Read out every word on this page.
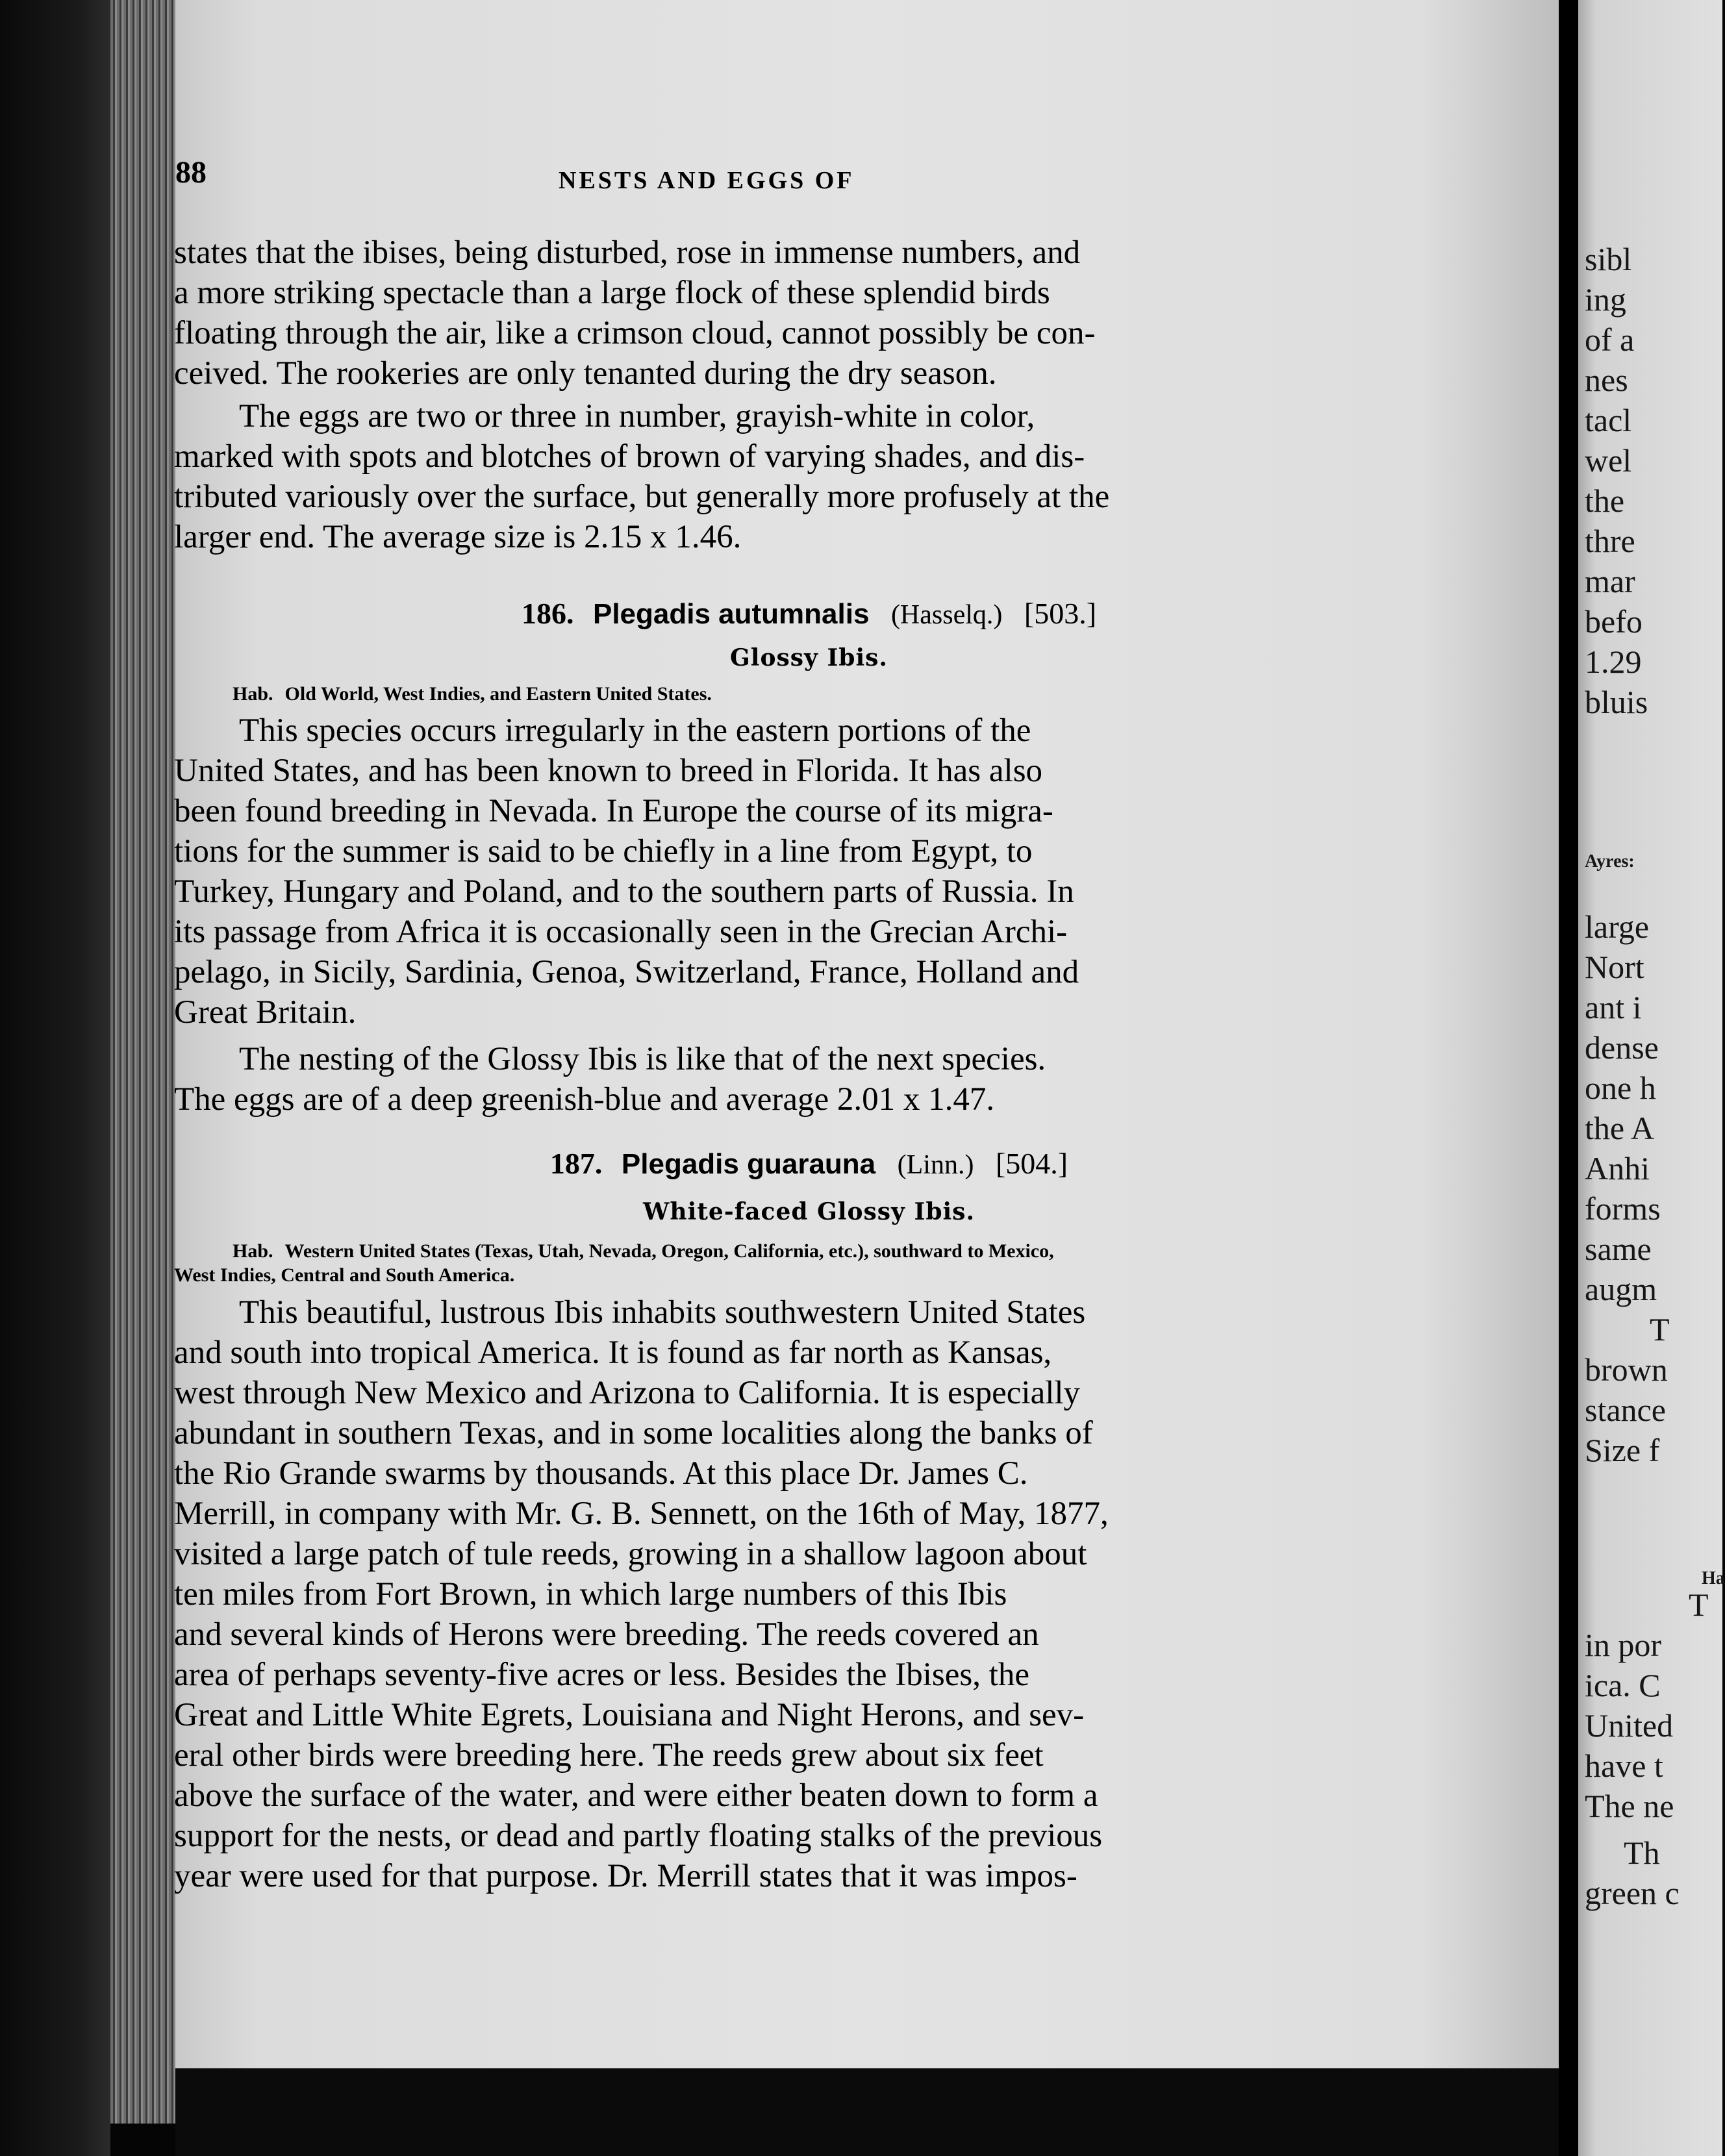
88	NESTS AND EGGS OF
states that the ibises, being disturbed, rose in immense numbers, and
a more striking spectacle than a large flock of these splendid birds
floating through the air, like a crimson cloud, cannot possibly be con-
ceived. The rookeries are only tenanted during the dry season.
The eggs are two or three in number, grayish-white in color,
marked with spots and blotches of brown of varying shades, and dis-
tributed variously over the surface, but generally more profusely at the
larger end. The average size is 2.15 x 1.46.
186. Plegadis autumnalis (Hasselq.) [503.]
Glossy Ibis.
Hab. Old World, West Indies, and Eastern United States.
This species occurs irregularly in the eastern portions of the
United States, and has been known to breed in Florida. It has also
been found breeding in Nevada. In Europe the course of its migra-
tions for the summer is said to be chiefly in a line from Egypt, to
Turkey, Hungary and Poland, and to the southern parts of Russia. In
its passage from Africa it is occasionally seen in the Grecian Archi-
pelago, in Sicily, Sardinia, Genoa, Switzerland, France, Holland and
Great Britain.
The nesting of the Glossy Ibis is like that of the next species.
The eggs are of a deep greenish-blue and average 2.01 x 1.47.
187. Plegadis guarauna (Linn.) [504.]
White-faced Glossy Ibis.
Hab. Western United States (Texas, Utah, Nevada, Oregon, California, etc.), southward to Mexico,
West Indies, Central and South America.
This beautiful, lustrous Ibis inhabits southwestern United States
and south into tropical America. It is found as far north as Kansas,
west through New Mexico and Arizona to California. It is especially
abundant in southern Texas, and in some localities along the banks of
the Rio Grande swarms by thousands. At this place Dr. James C.
Merrill, in company with Mr. G. B. Sennett, on the 16th of May, 1877,
visited a large patch of tule reeds, growing in a shallow lagoon about
ten miles from Fort Brown, in which large numbers of this Ibis
and several kinds of Herons were breeding. The reeds covered an
area of perhaps seventy-five acres or less. Besides the Ibises, the
Great and Little White Egrets, Louisiana and Night Herons, and sev-
eral other birds were breeding here. The reeds grew about six feet
above the surface of the water, and were either beaten down to form a
support for the nests, or dead and partly floating stalks of the previous
year were used for that purpose. Dr. Merrill states that it was impos-
sibl
ing
of a
nes
tacl
wel
the
thre
mar
befo
1.29
bluis
Ayres:
large
Nort
ant i
dense
one h
the A
Anhi
forms
same
augm
T
brown
stance
Size f
Ha
T
in por
ica. C
United
have t
The ne
Th
green c
